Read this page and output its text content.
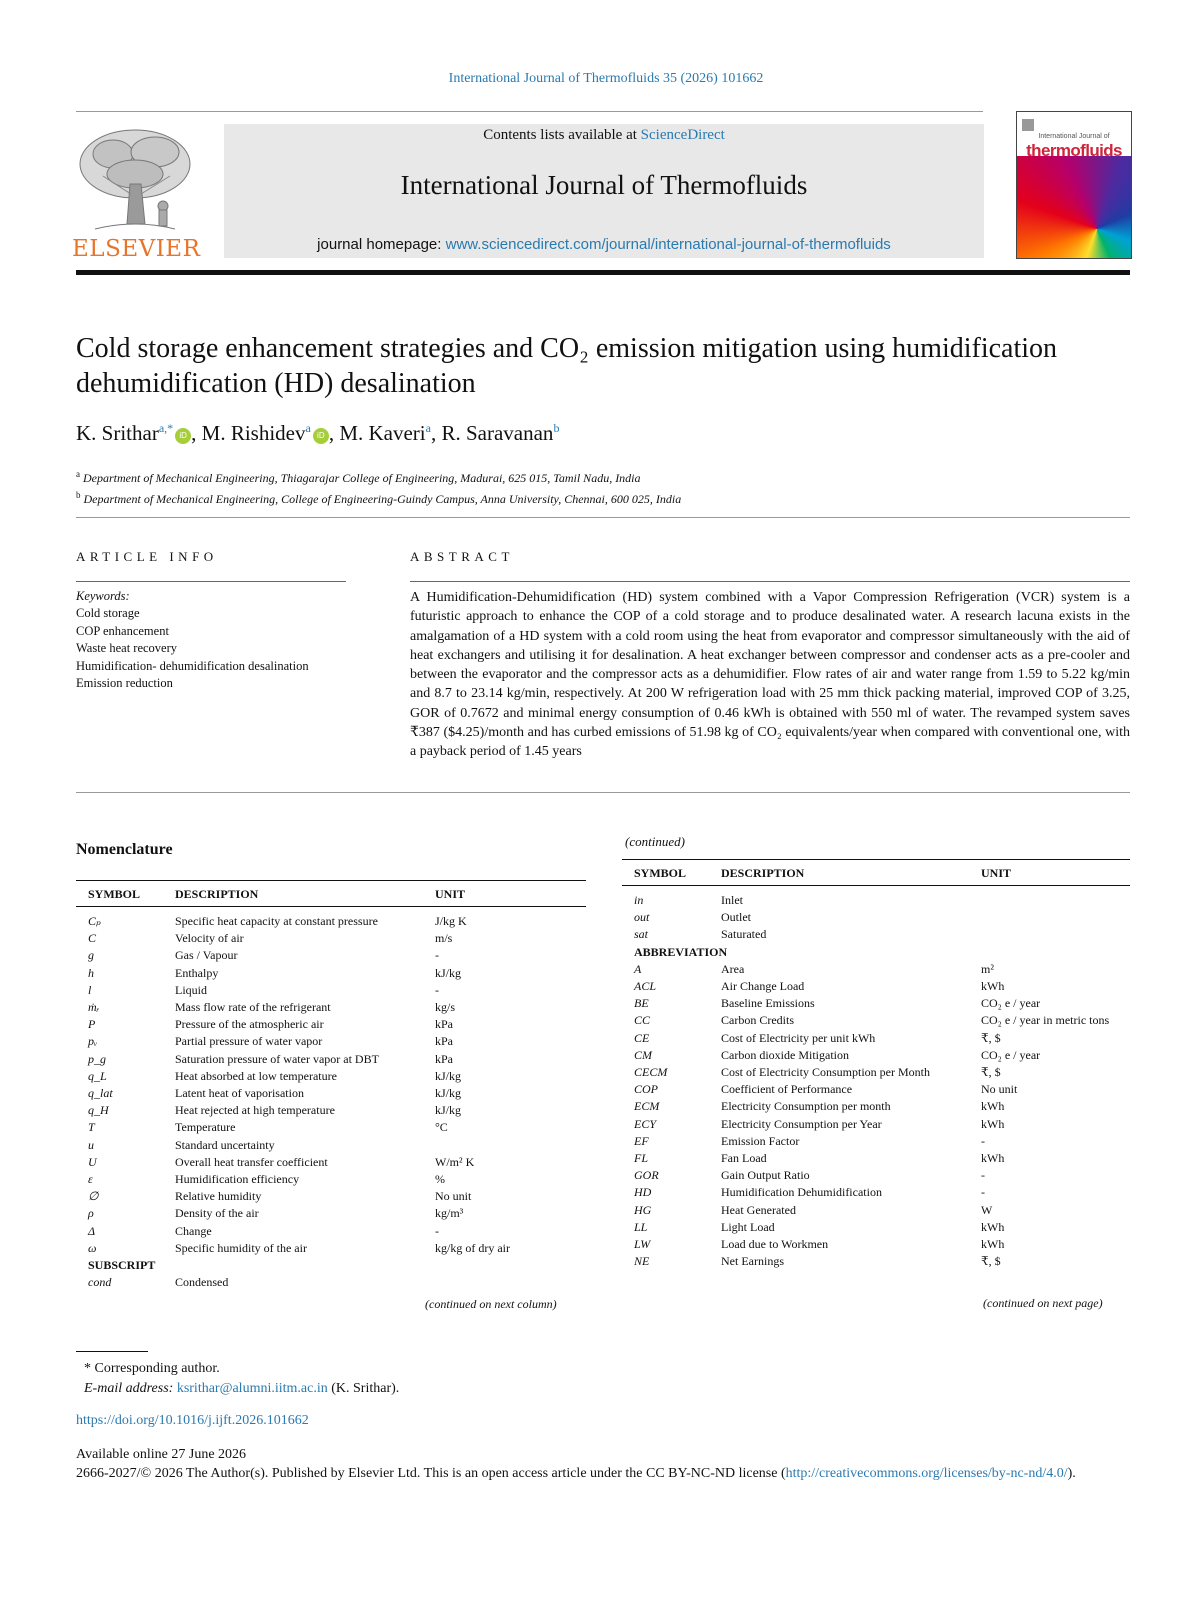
International Journal of Thermofluids 35 (2026) 101662
ELSEVIER
Contents lists available at ScienceDirect
International Journal of Thermofluids
journal homepage: www.sciencedirect.com/journal/international-journal-of-thermofluids
International Journal of
thermofluids
Cold storage enhancement strategies and CO₂ emission mitigation using humidification dehumidification (HD) desalination
K. Srithar$^{a,*}$iD , M. Rishidev$^a$iD , M. Kaveri$^a$, R. Saravanan$^b$
$^a$ Department of Mechanical Engineering, Thiagarajar College of Engineering, Madurai, 625 015, Tamil Nadu, India
$^b$ Department of Mechanical Engineering, College of Engineering-Guindy Campus, Anna University, Chennai, 600 025, India
ARTICLE INFO
Keywords:
Cold storage
COP enhancement
Waste heat recovery
Humidification- dehumidification desalination
Emission reduction
ABSTRACT

A Humidification-Dehumidification (HD) system combined with a Vapor Compression Refrigeration (VCR) system is a futuristic approach to enhance the COP of a cold storage and to produce desalinated water. A research lacuna exists in the amalgamation of a HD system with a cold room using the heat from evaporator and compressor simultaneously with the aid of heat exchangers and utilising it for desalination. A heat exchanger between compressor and condenser acts as a pre-cooler and between the evaporator and the compressor acts as a dehumidifier. Flow rates of air and water range from 1.59 to 5.22 kg/min and 8.7 to 23.14 kg/min, respectively. At 200 W refrigeration load with 25 mm thick packing material, improved COP of 3.25, GOR of 0.7672 and minimal energy consumption of 0.46 kWh is obtained with 550 ml of water. The revamped system saves ₹387 ($4.25)/month and has curbed emissions of 51.98 kg of CO₂ equivalents/year when compared with conventional one, with a payback period of 1.45 years

Nomenclature	(continued)
SYMBOL	DESCRIPTION	UNIT

Cₚ	Specific heat capacity at constant pressure	J/kg K
C	Velocity of air	m/s
g	Gas / Vapour	-
h	Enthalpy	kJ/kg
l	Liquid	-
ṁᵣ	Mass flow rate of the refrigerant	kg/s
P	Pressure of the atmospheric air	kPa
pᵥ	Partial pressure of water vapor	kPa
p_g	Saturation pressure of water vapor at DBT	kPa
q_L	Heat absorbed at low temperature	kJ/kg
q_lat	Latent heat of vaporisation	kJ/kg
q_H	Heat rejected at high temperature	kJ/kg
T	Temperature	°C
u	Standard uncertainty	
U	Overall heat transfer coefficient	W/m² K
ε	Humidification efficiency	%
∅	Relative humidity	No unit
ρ	Density of the air	kg/m³
Δ	Change	-
ω	Specific humidity of the air	kg/kg of dry air
SUBSCRIPT		
cond	Condensed	
(continued on next column)
SYMBOL	DESCRIPTION	UNIT

in	Inlet	
out	Outlet	
sat	Saturated	
ABBREVIATION		
A	Area	m²
ACL	Air Change Load	kWh
BE	Baseline Emissions	CO₂ e / year
CC	Carbon Credits	CO₂ e / year in metric tons
CE	Cost of Electricity per unit kWh	₹, $
CM	Carbon dioxide Mitigation	CO₂ e / year
CECM	Cost of Electricity Consumption per Month	₹, $
COP	Coefficient of Performance	No unit
ECM	Electricity Consumption per month	kWh
ECY	Electricity Consumption per Year	kWh
EF	Emission Factor	-
FL	Fan Load	kWh
GOR	Gain Output Ratio	-
HD	Humidification Dehumidification	-
HG	Heat Generated	W
LL	Light Load	kWh
LW	Load due to Workmen	kWh
NE	Net Earnings	₹, $
(continued on next page)
* Corresponding author.
E-mail address: ksrithar@alumni.iitm.ac.in (K. Srithar).
https://doi.org/10.1016/j.ijft.2026.101662
Available online 27 June 2026
2666-2027/© 2026 The Author(s). Published by Elsevier Ltd. This is an open access article under the CC BY-NC-ND license (http://creativecommons.org/licenses/by-nc-nd/4.0/).
